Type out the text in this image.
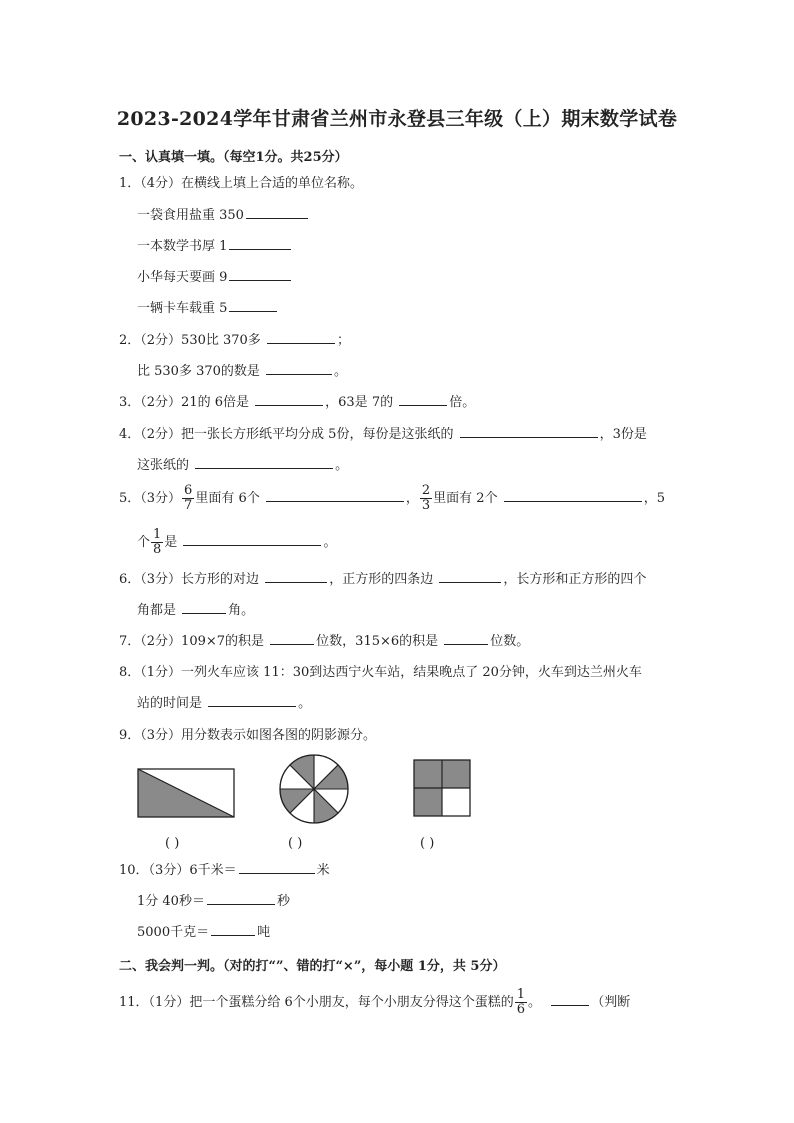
2023-2024学年甘肃省兰州市永登县三年级（上）期末数学试卷
一、认真填一填。（每空1分。共25分）
1．（4分）在横线上填上合适的单位名称。
一袋食用盐重 350
一本数学书厚 1
小华每天要画 9
一辆卡车载重 5
2．（2分）530比 370多	；
比 530多 370的数是	。
3．（2分）21的 6倍是	，63是 7的	倍。
4．（2分）把一张长方形纸平均分成 5份，每份是这张纸的	，3份是
这张纸的	。
5．（3分） $\frac{6}{7}$ 里面有 6个	， $\frac{2}{3}$ 里面有 2个	，5
个 $\frac{1}{8}$ 是	。
6．（3分）长方形的对边	，正方形的四条边	，长方形和正方形的四个
角都是	角。
7．（2分）109×7的积是	位数，315×6的积是	位数。
8．（1分）一列火车应该 11：30到达西宁火车站，结果晚点了 20分钟，火车到达兰州火车
站的时间是	。
9．（3分）用分数表示如图各图的阴影源分。
( )	( )	( )
10．（3分）6千米＝	米
1分 40秒＝	秒
5000千克＝	吨
二、我会判一判。（对的打“”、错的打“×”，每小题 1分，共 5分）
11．（1分）把一个蛋糕分给 6个小朋友，每个小朋友分得这个蛋糕的 $\frac{1}{6}$ 。	（判断
